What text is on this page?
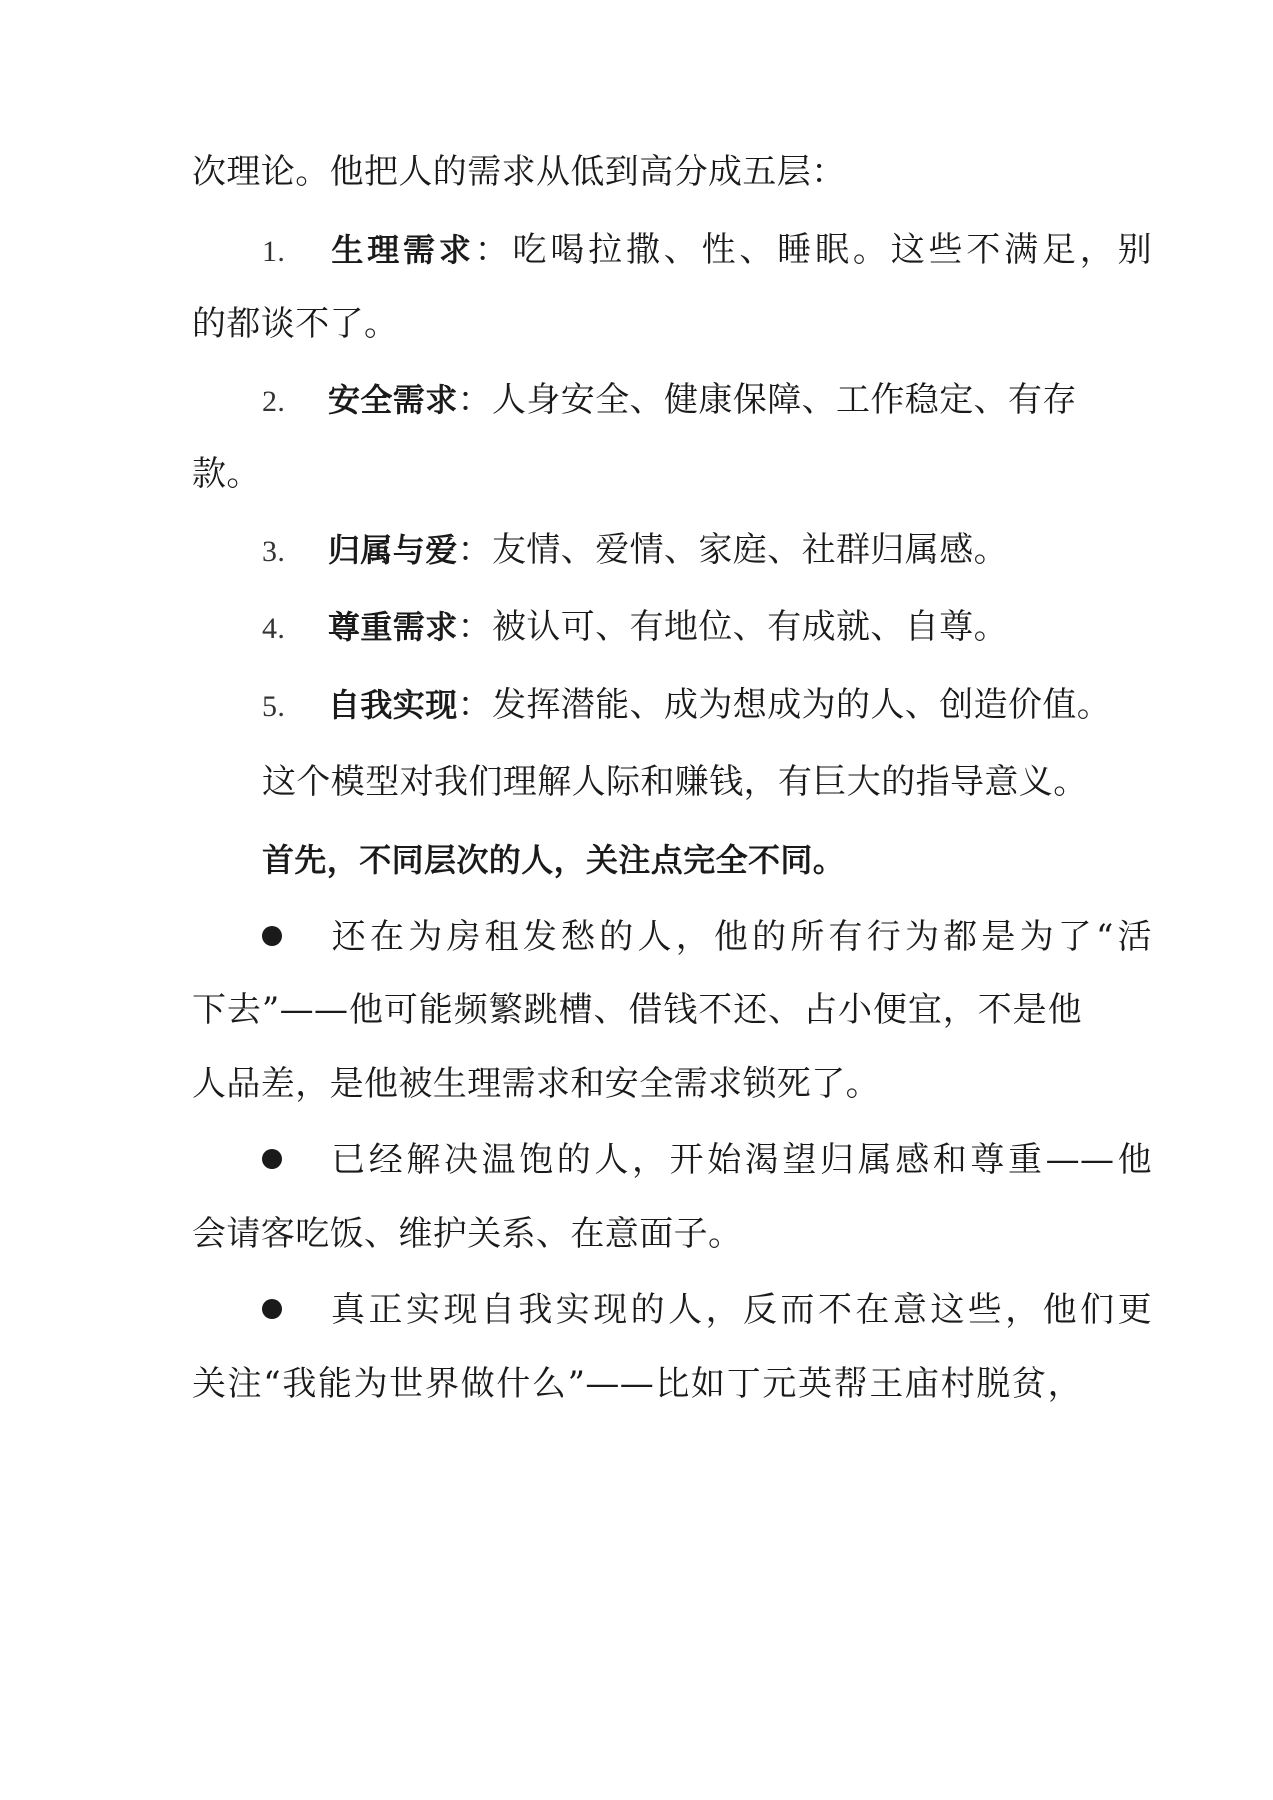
次理论。他把人的需求从低到高分成五层：
1. 生理需求：吃喝拉撒、性、睡眠。这些不满足，别
的都谈不了。
2. 安全需求：人身安全、健康保障、工作稳定、有存
款。
3. 归属与爱：友情、爱情、家庭、社群归属感。
4. 尊重需求：被认可、有地位、有成就、自尊。
5. 自我实现：发挥潜能、成为想成为的人、创造价值。
这个模型对我们理解人际和赚钱，有巨大的指导意义。
首先，不同层次的人，关注点完全不同。
还在为房租发愁的人，他的所有行为都是为了“活
下去”——他可能频繁跳槽、借钱不还、占小便宜，不是他
人品差，是他被生理需求和安全需求锁死了。
已经解决温饱的人，开始渴望归属感和尊重——他
会请客吃饭、维护关系、在意面子。
真正实现自我实现的人，反而不在意这些，他们更
关注“我能为世界做什么”——比如丁元英帮王庙村脱贫，
